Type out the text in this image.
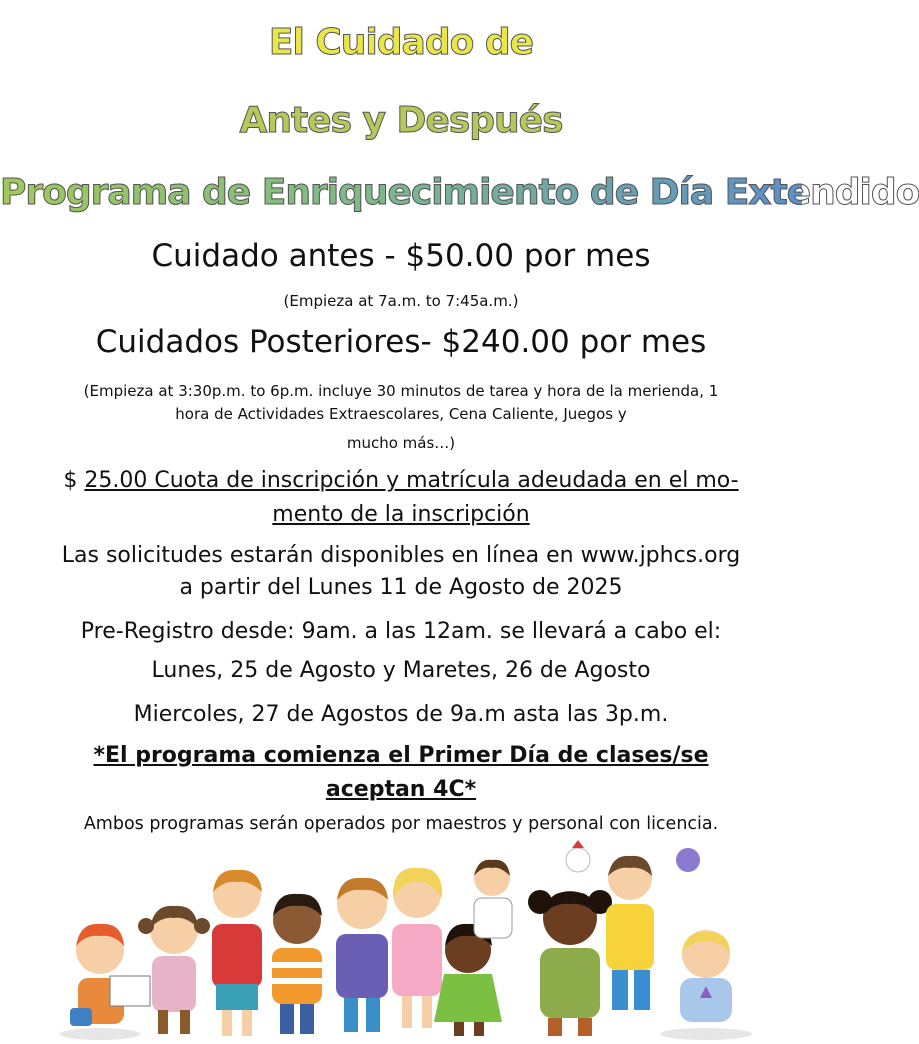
El Cuidado de
Antes y Después
Programa de Enriquecimiento de Día Extendido
Cuidado antes - $50.00 por mes
(Empieza at 7a.m. to 7:45a.m.)
Cuidados Posteriores- $240.00 por mes
(Empieza at 3:30p.m. to 6p.m. incluye 30 minutos de tarea y hora de la merienda, 1
hora de Actividades Extraescolares, Cena Caliente, Juegos y
mucho más…)
$ 25.00 Cuota de inscripción y matrícula adeudada en el mo-
mento de la inscripción
Las solicitudes estarán disponibles en línea en www.jphcs.org
a partir del Lunes 11 de Agosto de 2025
Pre-Registro desde: 9am. a las 12am. se llevará a cabo el:
Lunes, 25 de Agosto y Maretes, 26 de Agosto
Miercoles, 27 de Agostos de 9a.m asta las 3p.m.
*El programa comienza el Primer Día de clases/se
aceptan 4C*
Ambos programas serán operados por maestros y personal con licencia.
